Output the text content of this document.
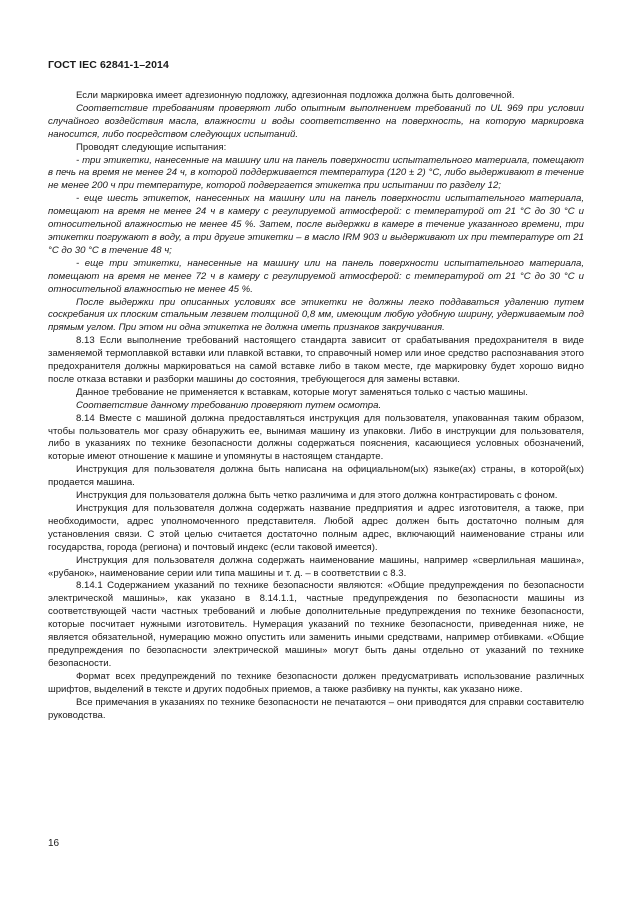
ГОСТ IEC 62841-1–2014

Если маркировка имеет адгезионную подложку, адгезионная подложка должна быть долговечной.

Соответствие требованиям проверяют либо опытным выполнением требований по UL 969 при условии случайного воздействия масла, влажности и воды соответственно на поверхность, на которую маркировка наносится, либо посредством следующих испытаний.

Проводят следующие испытания:

- три этикетки, нанесенные на машину или на панель поверхности испытательного материала, помещают в печь на время не менее 24 ч, в которой поддерживается температура (120 ± 2) °C, либо выдерживают в течение не менее 200 ч при температуре, которой подвергается этикетка при испытании по разделу 12;

- еще шесть этикеток, нанесенных на машину или на панель поверхности испытательного материала, помещают на время не менее 24 ч в камеру с регулируемой атмосферой: с температурой от 21 °C до 30 °C и относительной влажностью не менее 45 %. Затем, после выдержки в камере в течение указанного времени, три этикетки погружают в воду, а три другие этикетки – в масло IRM 903 и выдерживают их при температуре от 21 °C до 30 °C в течение 48 ч;

- еще три этикетки, нанесенные на машину или на панель поверхности испытательного материала, помещают на время не менее 72 ч в камеру с регулируемой атмосферой: с температурой от 21 °C до 30 °C и относительной влажностью не менее 45 %.

После выдержки при описанных условиях все этикетки не должны легко поддаваться удалению путем соскребания их плоским стальным лезвием толщиной 0,8 мм, имеющим любую удобную ширину, удерживаемым под прямым углом. При этом ни одна этикетка не должна иметь признаков закручивания.

8.13 Если выполнение требований настоящего стандарта зависит от срабатывания предохранителя в виде заменяемой термоплавкой вставки или плавкой вставки, то справочный номер или иное средство распознавания этого предохранителя должны маркироваться на самой вставке либо в таком месте, где маркировку будет хорошо видно после отказа вставки и разборки машины до состояния, требующегося для замены вставки.

Данное требование не применяется к вставкам, которые могут заменяться только с частью машины.

Соответствие данному требованию проверяют путем осмотра.

8.14 Вместе с машиной должна предоставляться инструкция для пользователя, упакованная таким образом, чтобы пользователь мог сразу обнаружить ее, вынимая машину из упаковки. Либо в инструкции для пользователя, либо в указаниях по технике безопасности должны содержаться пояснения, касающиеся условных обозначений, которые имеют отношение к машине и упомянуты в настоящем стандарте.

Инструкция для пользователя должна быть написана на официальном(ых) языке(ах) страны, в которой(ых) продается машина.

Инструкция для пользователя должна быть четко различима и для этого должна контрастировать с фоном.

Инструкция для пользователя должна содержать название предприятия и адрес изготовителя, а также, при необходимости, адрес уполномоченного представителя. Любой адрес должен быть достаточно полным для установления связи. С этой целью считается достаточно полным адрес, включающий наименование страны или государства, города (региона) и почтовый индекс (если таковой имеется).

Инструкция для пользователя должна содержать наименование машины, например «сверлильная машина», «рубанок», наименование серии или типа машины и т. д. – в соответствии с 8.3.

8.14.1 Содержанием указаний по технике безопасности являются: «Общие предупреждения по безопасности электрической машины», как указано в 8.14.1.1, частные предупреждения по безопасности машины из соответствующей части частных требований и любые дополнительные предупреждения по технике безопасности, которые посчитает нужными изготовитель. Нумерация указаний по технике безопасности, приведенная ниже, не является обязательной, нумерацию можно опустить или заменить иными средствами, например отбивками. «Общие предупреждения по безопасности электрической машины» могут быть даны отдельно от указаний по технике безопасности.

Формат всех предупреждений по технике безопасности должен предусматривать использование различных шрифтов, выделений в тексте и других подобных приемов, а также разбивку на пункты, как указано ниже.

Все примечания в указаниях по технике безопасности не печатаются – они приводятся для справки составителю руководства.

16
